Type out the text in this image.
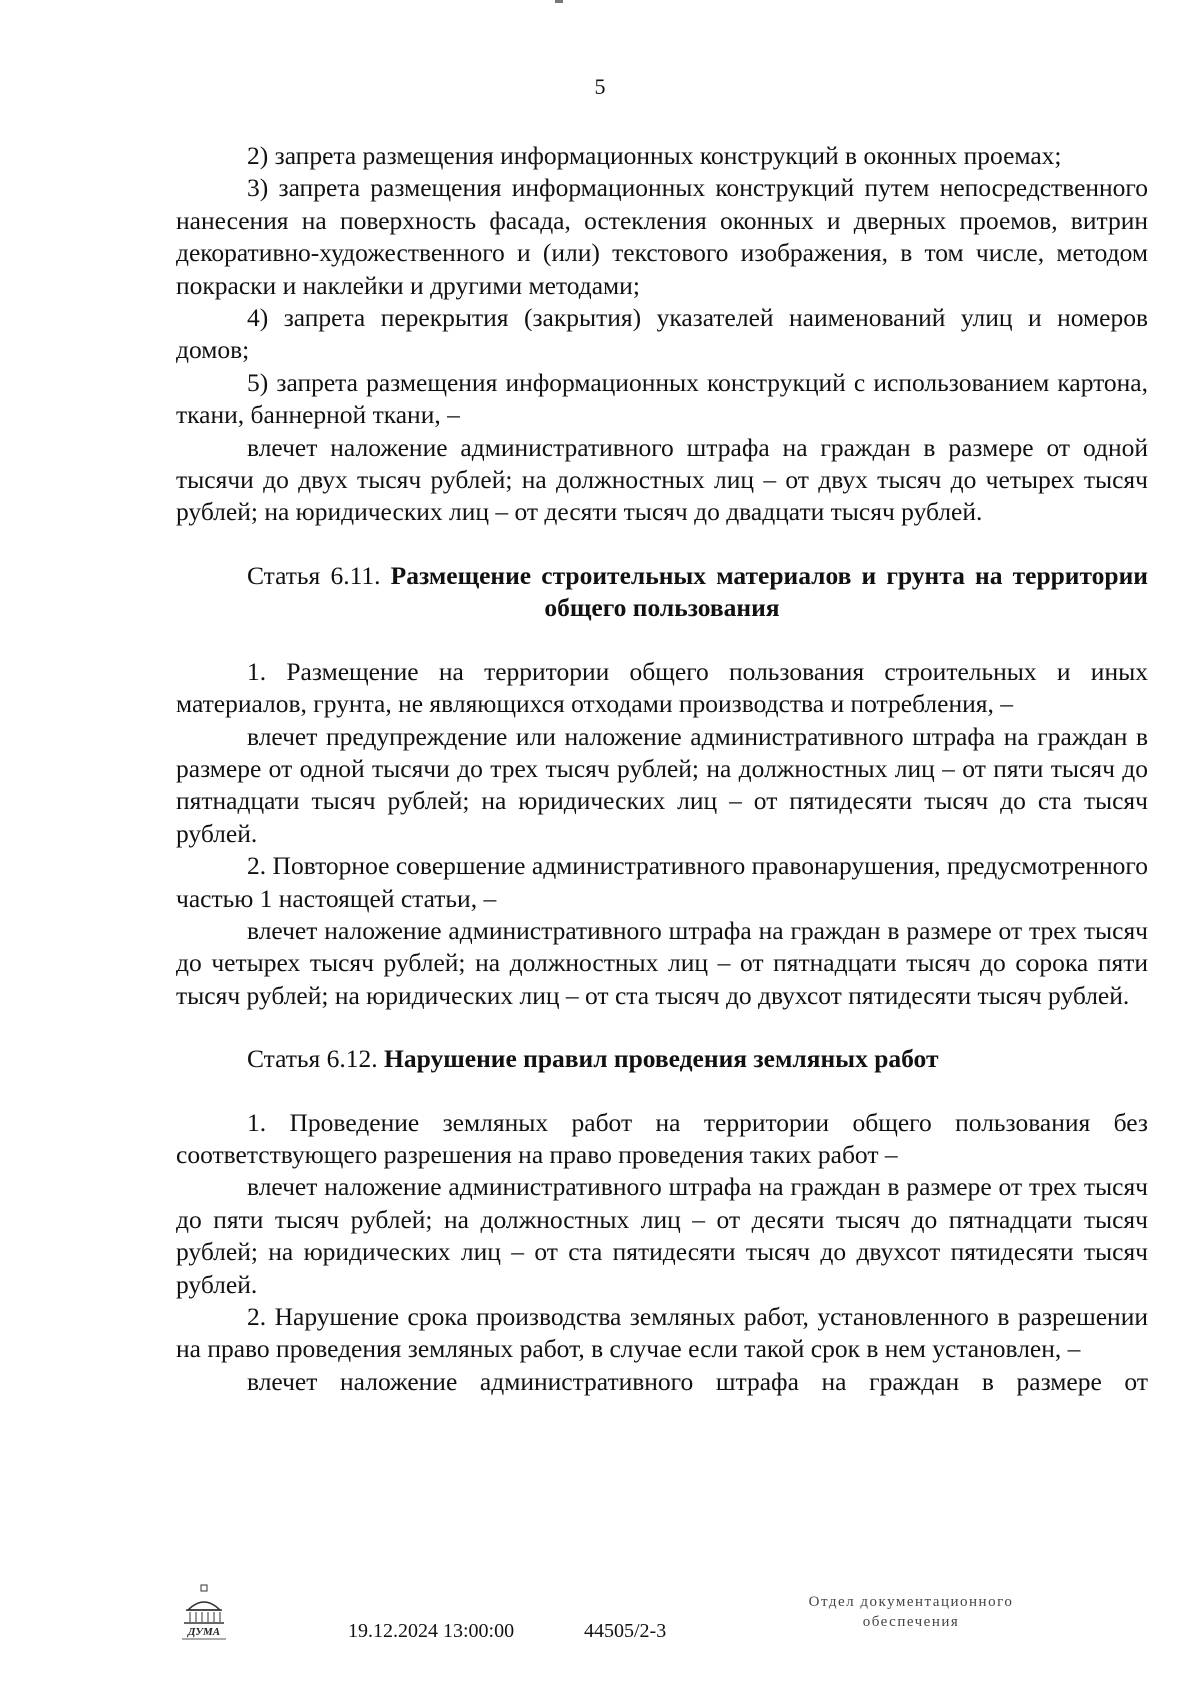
5

2) запрета размещения информационных конструкций в оконных проемах;

3) запрета размещения информационных конструкций путем непосредственного нанесения на поверхность фасада, остекления оконных и дверных проемов, витрин декоративно-художественного и (или) текстового изображения, в том числе, методом покраски и наклейки и другими методами;

4) запрета перекрытия (закрытия) указателей наименований улиц и номеров домов;

5) запрета размещения информационных конструкций с использованием картона, ткани, баннерной ткани, –

влечет наложение административного штрафа на граждан в размере от одной тысячи до двух тысяч рублей; на должностных лиц – от двух тысяч до четырех тысяч рублей; на юридических лиц – от десяти тысяч до двадцати тысяч рублей.

Статья 6.11. Размещение строительных материалов и грунта на территории общего пользования

1. Размещение на территории общего пользования строительных и иных материалов, грунта, не являющихся отходами производства и потребления, –

влечет предупреждение или наложение административного штрафа на граждан в размере от одной тысячи до трех тысяч рублей; на должностных лиц – от пяти тысяч до пятнадцати тысяч рублей; на юридических лиц – от пятидесяти тысяч до ста тысяч рублей.

2. Повторное совершение административного правонарушения, предусмотренного частью 1 настоящей статьи, –

влечет наложение административного штрафа на граждан в размере от трех тысяч до четырех тысяч рублей; на должностных лиц – от пятнадцати тысяч до сорока пяти тысяч рублей; на юридических лиц – от ста тысяч до двухсот пятидесяти тысяч рублей.

Статья 6.12. Нарушение правил проведения земляных работ

1. Проведение земляных работ на территории общего пользования без соответствующего разрешения на право проведения таких работ –

влечет наложение административного штрафа на граждан в размере от трех тысяч до пяти тысяч рублей; на должностных лиц – от десяти тысяч до пятнадцати тысяч рублей; на юридических лиц – от ста пятидесяти тысяч до двухсот пятидесяти тысяч рублей.

2. Нарушение срока производства земляных работ, установленного в разрешении на право проведения земляных работ, в случае если такой срок в нем установлен, –

влечет наложение административного штрафа на граждан в размере от

ДУМА	19.12.2024 13:00:00	44505/2-3
Отдел документационного
обеспечения
